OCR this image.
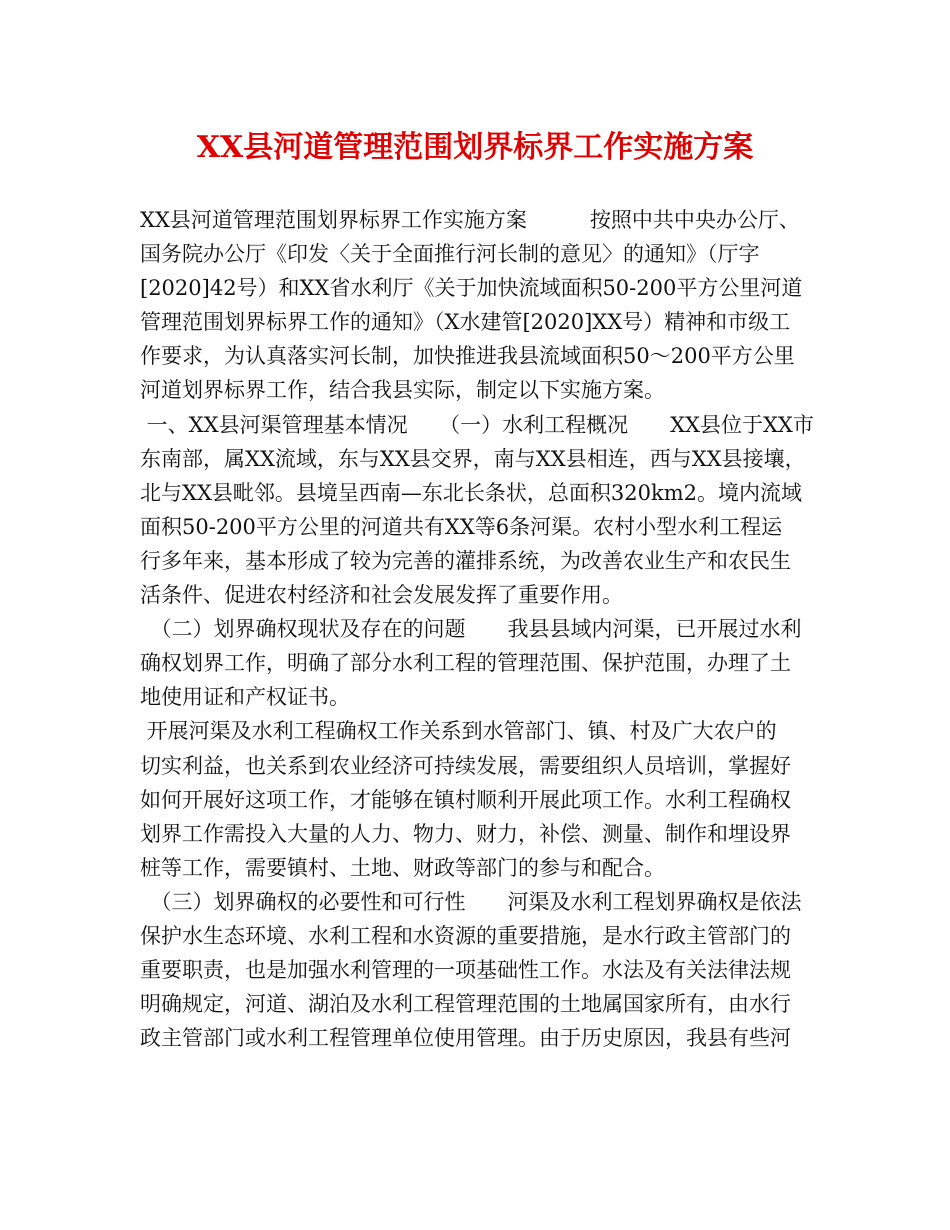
XX县河道管理范围划界标界工作实施方案
XX县河道管理范围划界标界工作实施方案　　　按照中共中央办公厅、
国务院办公厅《印发〈关于全面推行河长制的意见〉的通知》（厅字
[2020]42号）和XX省水利厅《关于加快流域面积50-200平方公里河道
管理范围划界标界工作的通知》（X水建管[2020]XX号）精神和市级工
作要求，为认真落实河长制，加快推进我县流域面积50～200平方公里
河道划界标界工作，结合我县实际，制定以下实施方案。
一、XX县河渠管理基本情况　　（一）水利工程概况　　XX县位于XX市
东南部，属XX流域，东与XX县交界，南与XX县相连，西与XX县接壤，
北与XX县毗邻。县境呈西南—东北长条状，总面积320km2。境内流域
面积50-200平方公里的河道共有XX等6条河渠。农村小型水利工程运
行多年来，基本形成了较为完善的灌排系统，为改善农业生产和农民生
活条件、促进农村经济和社会发展发挥了重要作用。
　（二）划界确权现状及存在的问题　　我县县域内河渠，已开展过水利
确权划界工作，明确了部分水利工程的管理范围、保护范围，办理了土
地使用证和产权证书。
开展河渠及水利工程确权工作关系到水管部门、镇、村及广大农户的
切实利益，也关系到农业经济可持续发展，需要组织人员培训，掌握好
如何开展好这项工作，才能够在镇村顺利开展此项工作。水利工程确权
划界工作需投入大量的人力、物力、财力，补偿、测量、制作和埋设界
桩等工作，需要镇村、土地、财政等部门的参与和配合。
　（三）划界确权的必要性和可行性　　河渠及水利工程划界确权是依法
保护水生态环境、水利工程和水资源的重要措施，是水行政主管部门的
重要职责，也是加强水利管理的一项基础性工作。水法及有关法律法规
明确规定，河道、湖泊及水利工程管理范围的土地属国家所有，由水行
政主管部门或水利工程管理单位使用管理。由于历史原因，我县有些河
